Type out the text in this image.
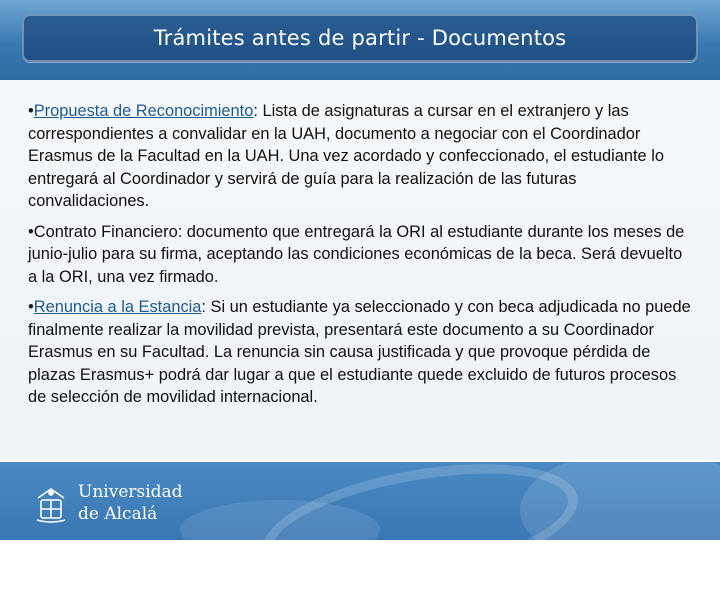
Trámites antes de partir - Documentos

•Propuesta de Reconocimiento: Lista de asignaturas a cursar en el extranjero y las correspondientes a convalidar en la UAH, documento a negociar con el Coordinador Erasmus de la Facultad en la UAH. Una vez acordado y confeccionado, el estudiante lo entregará al Coordinador y servirá de guía para la realización de las futuras convalidaciones.

•Contrato Financiero: documento que entregará la ORI al estudiante durante los meses de junio-julio para su firma, aceptando las condiciones económicas de la beca. Será devuelto a la ORI, una vez firmado.

•Renuncia a la Estancia: Si un estudiante ya seleccionado y con beca adjudicada no puede finalmente realizar la movilidad prevista, presentará este documento a su Coordinador Erasmus en su Facultad. La renuncia sin causa justificada y que provoque pérdida de plazas Erasmus+ podrá dar lugar a que el estudiante quede excluido de futuros procesos de selección de movilidad internacional.

Universidad
de Alcalá
